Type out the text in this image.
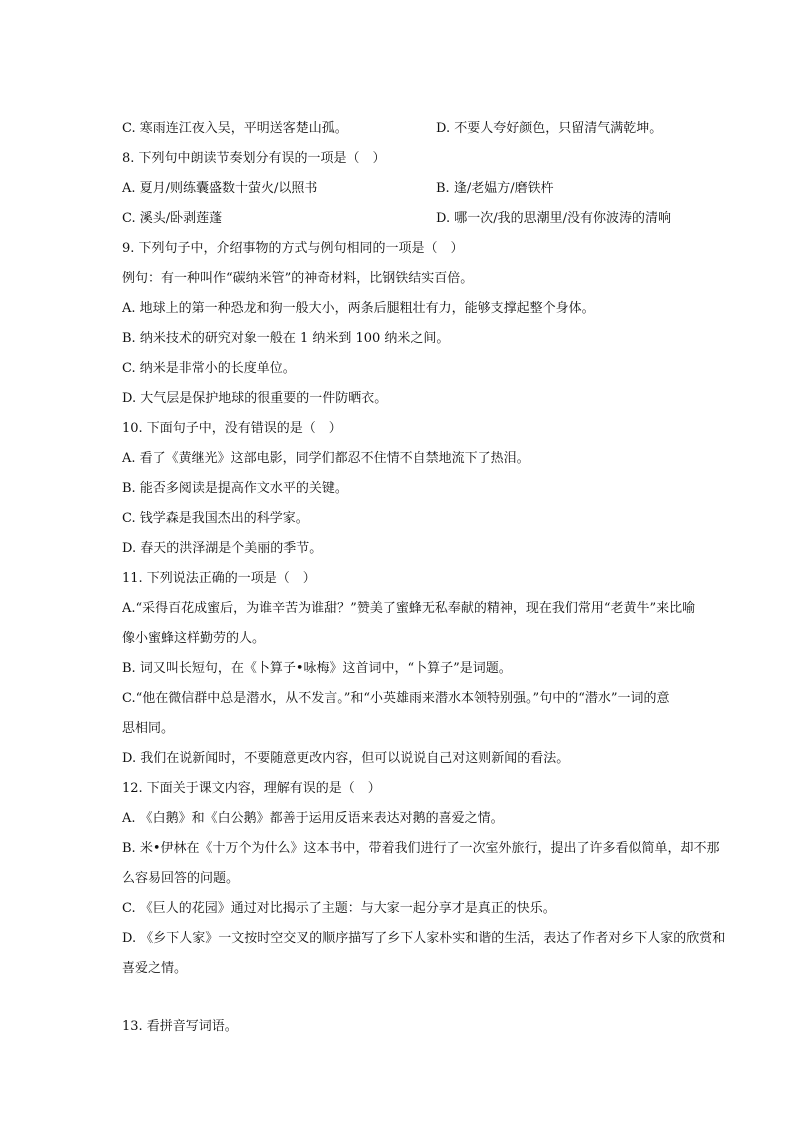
C. 寒雨连江夜入吴，平明送客楚山孤。	D. 不要人夸好颜色，只留清气满乾坤。
8. 下列句中朗读节奏划分有误的一项是（　）
A. 夏月/则练囊盛数十萤火/以照书	B. 逢/老媪方/磨铁杵
C. 溪头/卧剥莲蓬	D. 哪一次/我的思潮里/没有你波涛的清响
9. 下列句子中，介绍事物的方式与例句相同的一项是（　）
例句：有一种叫作“碳纳米管”的神奇材料，比钢铁结实百倍。
A. 地球上的第一种恐龙和狗一般大小，两条后腿粗壮有力，能够支撑起整个身体。
B. 纳米技术的研究对象一般在 1 纳米到 100 纳米之间。
C. 纳米是非常小的长度单位。
D. 大气层是保护地球的很重要的一件防晒衣。
10. 下面句子中，没有错误的是（　）
A. 看了《黄继光》这部电影，同学们都忍不住情不自禁地流下了热泪。
B. 能否多阅读是提高作文水平的关键。
C. 钱学森是我国杰出的科学家。
D. 春天的洪泽湖是个美丽的季节。
11. 下列说法正确的一项是（　）
A.“采得百花成蜜后，为谁辛苦为谁甜？”赞美了蜜蜂无私奉献的精神，现在我们常用“老黄牛”来比喻
像小蜜蜂这样勤劳的人。
B. 词又叫长短句，在《卜算子•咏梅》这首词中，“卜算子”是词题。
C.“他在微信群中总是潜水，从不发言。”和“小英雄雨来潜水本领特别强。”句中的“潜水”一词的意
思相同。
D. 我们在说新闻时，不要随意更改内容，但可以说说自己对这则新闻的看法。
12. 下面关于课文内容，理解有误的是（　）
A. 《白鹅》和《白公鹅》都善于运用反语来表达对鹅的喜爱之情。
B. 米•伊林在《十万个为什么》这本书中，带着我们进行了一次室外旅行，提出了许多看似简单，却不那
么容易回答的问题。
C. 《巨人的花园》通过对比揭示了主题：与大家一起分享才是真正的快乐。
D. 《乡下人家》一文按时空交叉的顺序描写了乡下人家朴实和谐的生活，表达了作者对乡下人家的欣赏和
喜爱之情。
13. 看拼音写词语。
